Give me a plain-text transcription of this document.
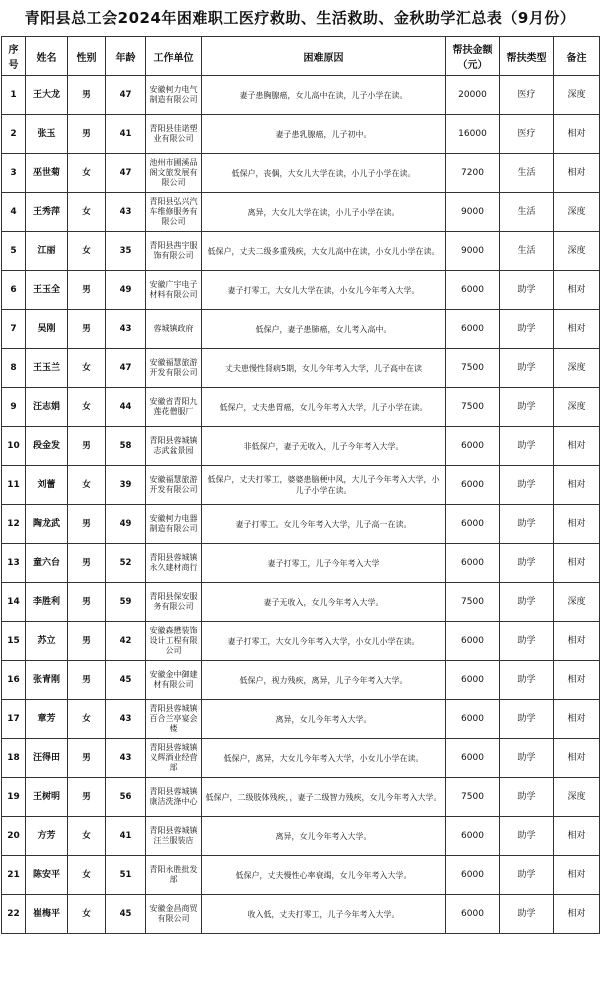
青阳县总工会2024年困难职工医疗救助、生活救助、金秋助学汇总表（9月份）
序号	姓名	性别	年龄	工作单位	困难原因	帮扶金额（元）	帮扶类型	备注
1	王大龙	男	47	安徽柯力电气制造有限公司	妻子患胸腺癌，女儿高中在读，儿子小学在读。	20000	医疗	深度
2	张玉	男	41	青阳县佳诺塑业有限公司	妻子患乳腺癌，儿子初中。	16000	医疗	相对
3	巫世菊	女	47	池州市圃溪品阁文旅发展有限公司	低保户，丧偶，大女儿大学在读，小儿子小学在读。	7200	生活	相对
4	王秀萍	女	43	青阳县弘兴汽车维修服务有限公司	离异，大女儿大学在读，小儿子小学在读。	9000	生活	深度
5	江丽	女	35	青阳县茜宇服饰有限公司	低保户，丈夫二级多重残疾，大女儿高中在读，小女儿小学在读。	9000	生活	深度
6	王玉全	男	49	安徽广宇电子材料有限公司	妻子打零工，大女儿大学在读，小女儿今年考入大学。	6000	助学	相对
7	吴刚	男	43	蓉城镇政府	低保户，妻子患肺癌，女儿考入高中。	6000	助学	相对
8	王玉兰	女	47	安徽福慧旅游开发有限公司	丈夫患慢性肾病5期，女儿今年考入大学，儿子高中在读	7500	助学	深度
9	汪志娟	女	44	安徽省青阳九莲花僧服厂	低保户，丈夫患胃癌，女儿今年考入大学，儿子小学在读。	7500	助学	深度
10	段金发	男	58	青阳县蓉城镇志武盆景园	非低保户，妻子无收入，儿子今年考入大学。	6000	助学	相对
11	刘蕾	女	39	安徽福慧旅游开发有限公司	低保户，丈夫打零工，婆婆患脑梗中风，大儿子今年考入大学，小儿子小学在读。	6000	助学	相对
12	陶龙武	男	49	安徽柯力电器制造有限公司	妻子打零工。女儿今年考入大学，儿子高一在读。	6000	助学	相对
13	童六台	男	52	青阳县蓉城镇永久建材商行	妻子打零工，儿子今年考入大学	6000	助学	相对
14	李胜利	男	59	青阳县保安服务有限公司	妻子无收入，女儿今年考入大学。	7500	助学	深度
15	苏立	男	42	安徽森懋装饰设计工程有限公司	妻子打零工，大女儿今年考入大学，小女儿小学在读。	6000	助学	相对
16	张青刚	男	45	安徽金中御建材有限公司	低保户，视力残疾，离异，儿子今年考入大学。	6000	助学	相对
17	章芳	女	43	青阳县蓉城镇百合兰亭宴会楼	离异，女儿今年考入大学。	6000	助学	相对
18	汪得田	男	43	青阳县蓉城镇义辉酒业经营部	低保户，离异，大女儿今年考入大学，小女儿小学在读。	6000	助学	相对
19	王树明	男	56	青阳县蓉城镇康洁洗涤中心	低保户，二级肢体残疾，，妻子二级智力残疾，女儿今年考入大学。	7500	助学	深度
20	方芳	女	41	青阳县蓉城镇汪兰服装店	离异，女儿今年考入大学。	6000	助学	相对
21	陈安平	女	51	青阳永胜批发部	低保户，丈夫慢性心率衰竭，女儿今年考入大学。	6000	助学	相对
22	崔梅平	女	45	安徽金昌商贸有限公司	收入低，丈夫打零工，儿子今年考入大学。	6000	助学	相对
